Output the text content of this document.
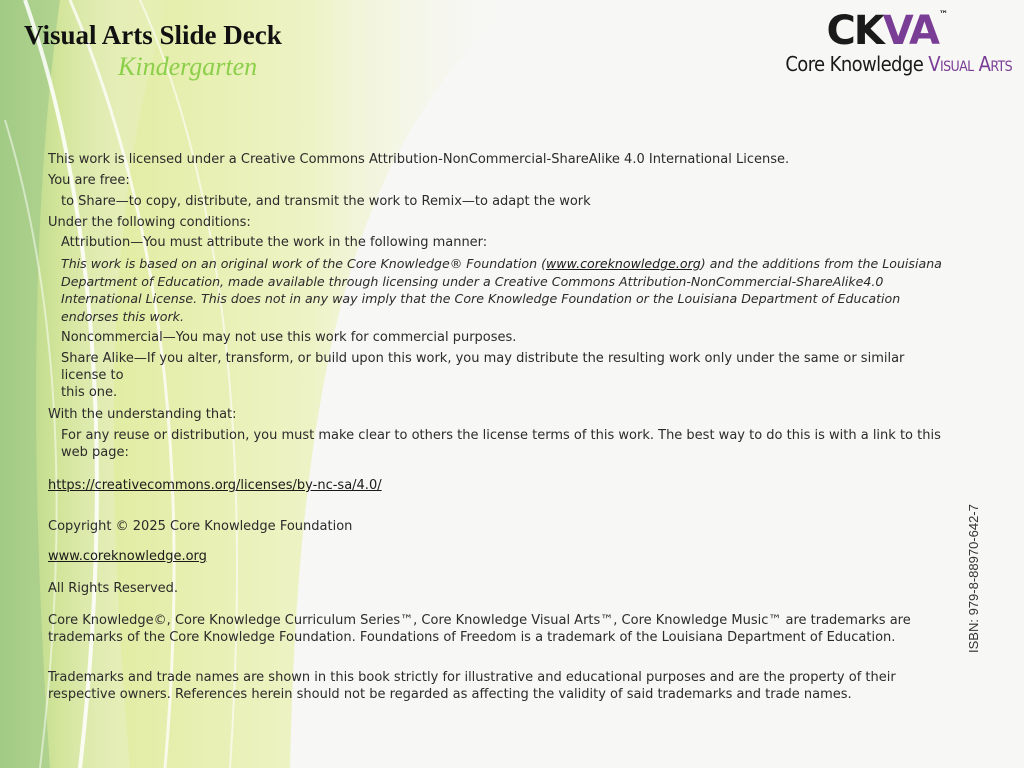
Visual Arts Slide Deck
Kindergarten
CKVA ™
Core Knowledge Visual Arts

This work is licensed under a Creative Commons Attribution-NonCommercial-ShareAlike 4.0 International License.

You are free:

to Share—to copy, distribute, and transmit the work to Remix—to adapt the work

Under the following conditions:

Attribution—You must attribute the work in the following manner:

This work is based on an original work of the Core Knowledge® Foundation (www.coreknowledge.org) and the additions from the Louisiana Department of Education, made available through licensing under a Creative Commons Attribution-NonCommercial-ShareAlike4.0 International License. This does not in any way imply that the Core Knowledge Foundation or the Louisiana Department of Education endorses this work.

Noncommercial—You may not use this work for commercial purposes.

Share Alike—If you alter, transform, or build upon this work, you may distribute the resulting work only under the same or similar license to

this one.

With the understanding that:

For any reuse or distribution, you must make clear to others the license terms of this work. The best way to do this is with a link to this

web page:

https://creativecommons.org/licenses/by-nc-sa/4.0/

Copyright © 2025 Core Knowledge Foundation

www.coreknowledge.org

All Rights Reserved.

Core Knowledge©, Core Knowledge Curriculum Series™, Core Knowledge Visual Arts™, Core Knowledge Music™ are trademarks are trademarks of the Core Knowledge Foundation. Foundations of Freedom is a trademark of the Louisiana Department of Education.

Trademarks and trade names are shown in this book strictly for illustrative and educational purposes and are the property of their respective owners. References herein should not be regarded as affecting the validity of said trademarks and trade names.

ISBN: 979-8-88970-642-7
